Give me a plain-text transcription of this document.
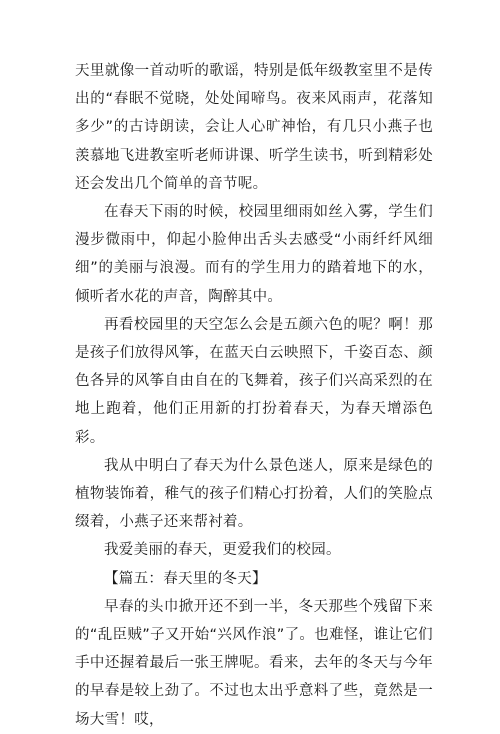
天里就像一首动听的歌谣，特别是低年级教室里不是传出的“春眠不觉晓，处处闻啼鸟。夜来风雨声，花落知多少”的古诗朗读，会让人心旷神怡，有几只小燕子也羡慕地飞进教室听老师讲课、听学生读书，听到精彩处还会发出几个简单的音节呢。

在春天下雨的时候，校园里细雨如丝入雾，学生们漫步微雨中，仰起小脸伸出舌头去感受“小雨纤纤风细细”的美丽与浪漫。而有的学生用力的踏着地下的水，倾听者水花的声音，陶醉其中。

再看校园里的天空怎么会是五颜六色的呢？啊！那是孩子们放得风筝，在蓝天白云映照下，千姿百态、颜色各异的风筝自由自在的飞舞着，孩子们兴高采烈的在地上跑着，他们正用新的打扮着春天，为春天增添色彩。

我从中明白了春天为什么景色迷人，原来是绿色的植物装饰着，稚气的孩子们精心打扮着，人们的笑脸点缀着，小燕子还来帮衬着。

我爱美丽的春天，更爱我们的校园。

【篇五：春天里的冬天】

早春的头巾掀开还不到一半，冬天那些个残留下来的“乱臣贼”子又开始“兴风作浪”了。也难怪，谁让它们手中还握着最后一张王牌呢。看来，去年的冬天与今年的早春是较上劲了。不过也太出乎意料了些，竟然是一场大雪！哎，
